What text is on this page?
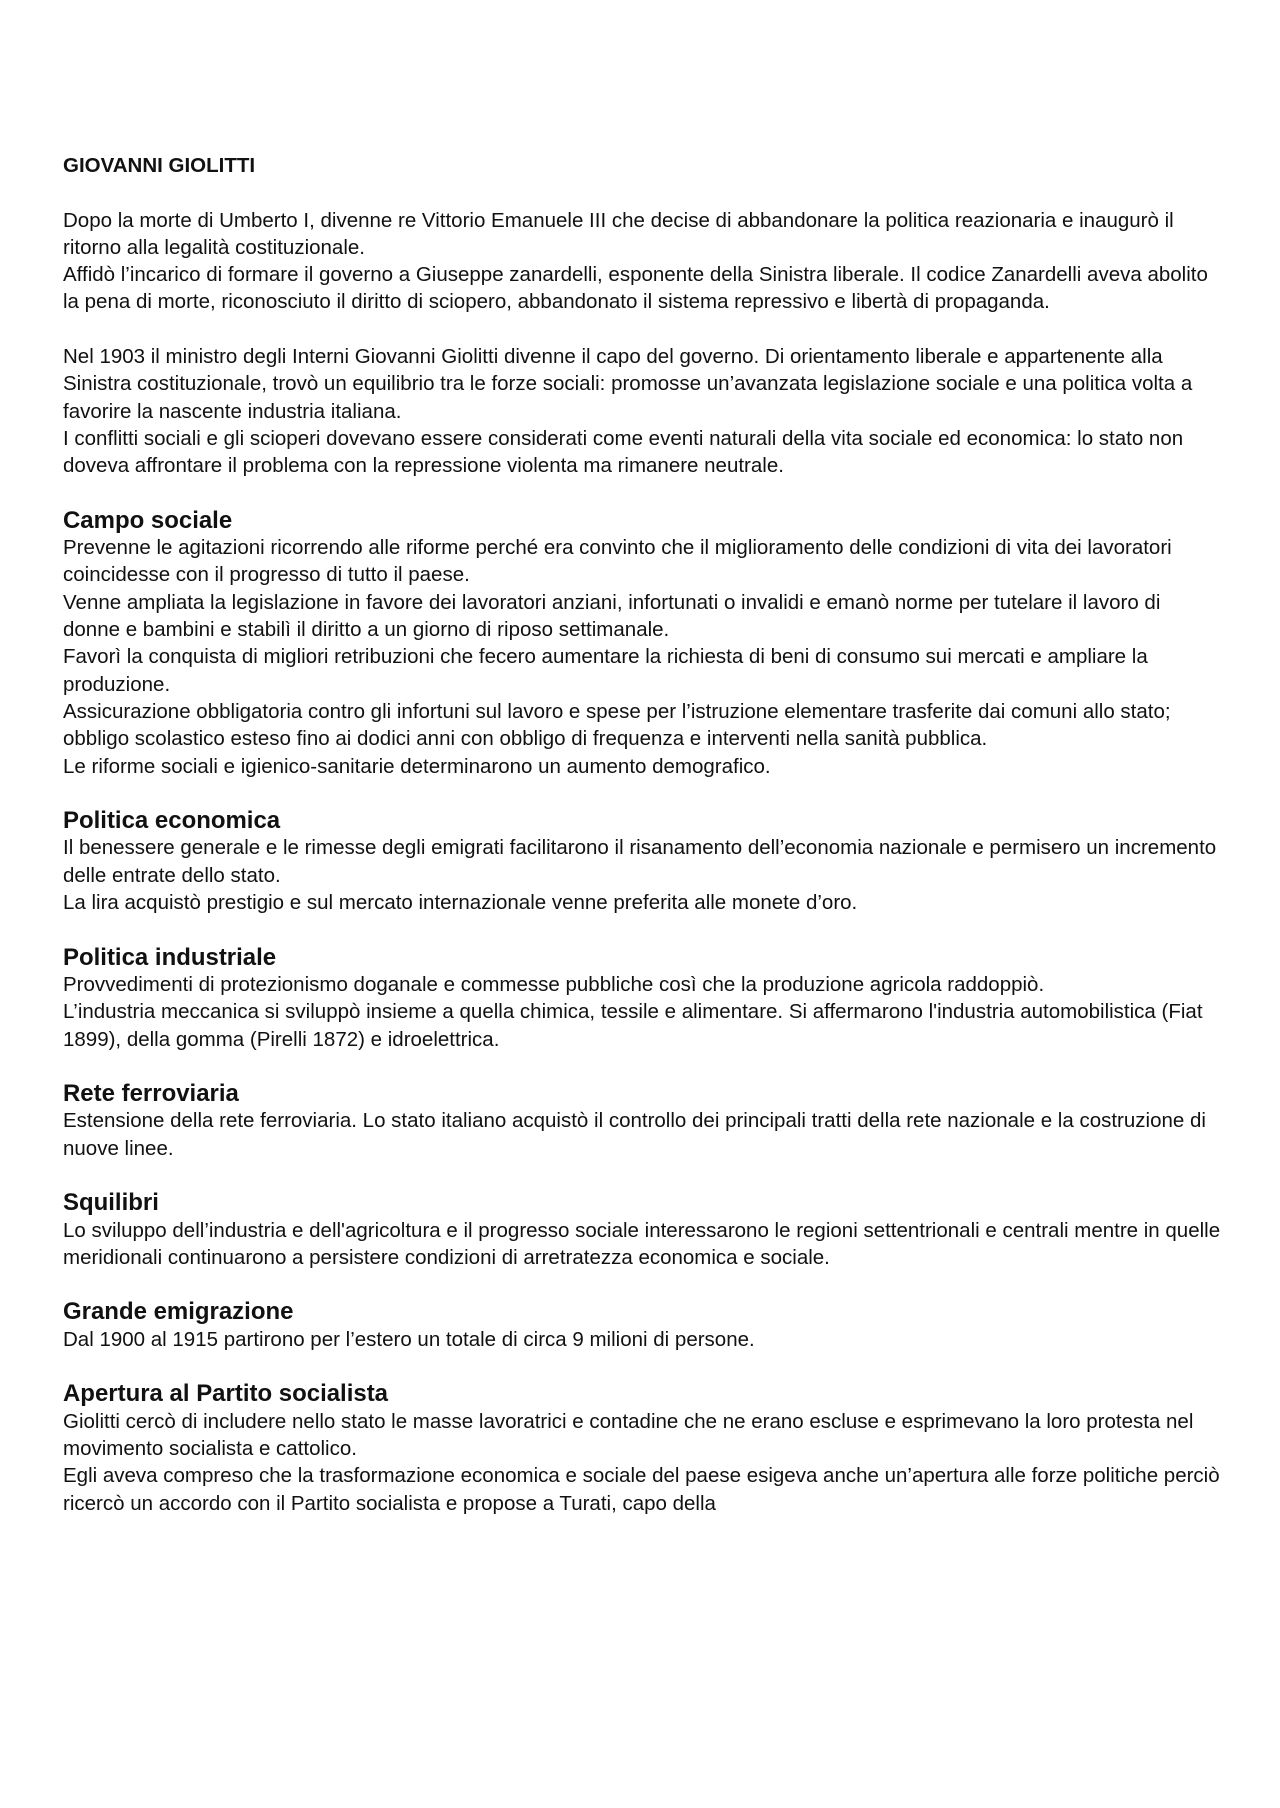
GIOVANNI GIOLITTI

Dopo la morte di Umberto I, divenne re Vittorio Emanuele III che decise di abbandonare la politica reazionaria e inaugurò il ritorno alla legalità costituzionale.

Affidò l’incarico di formare il governo a Giuseppe zanardelli, esponente della Sinistra liberale. Il codice Zanardelli aveva abolito la pena di morte, riconosciuto il diritto di sciopero, abbandonato il sistema repressivo e libertà di propaganda.

Nel 1903 il ministro degli Interni Giovanni Giolitti divenne il capo del governo. Di orientamento liberale e appartenente alla Sinistra costituzionale, trovò un equilibrio tra le forze sociali: promosse un’avanzata legislazione sociale e una politica volta a favorire la nascente industria italiana.

I conflitti sociali e gli scioperi dovevano essere considerati come eventi naturali della vita sociale ed economica: lo stato non doveva affrontare il problema con la repressione violenta ma rimanere neutrale.

Campo sociale

Prevenne le agitazioni ricorrendo alle riforme perché era convinto che il miglioramento delle condizioni di vita dei lavoratori coincidesse con il progresso di tutto il paese.

Venne ampliata la legislazione in favore dei lavoratori anziani, infortunati o invalidi e emanò norme per tutelare il lavoro di donne e bambini e stabilì il diritto a un giorno di riposo settimanale.

Favorì la conquista di migliori retribuzioni che fecero aumentare la richiesta di beni di consumo sui mercati e ampliare la produzione.

Assicurazione obbligatoria contro gli infortuni sul lavoro e spese per l’istruzione elementare trasferite dai comuni allo stato; obbligo scolastico esteso fino ai dodici anni con obbligo di frequenza e interventi nella sanità pubblica.

Le riforme sociali e igienico-sanitarie determinarono un aumento demografico.

Politica economica

Il benessere generale e le rimesse degli emigrati facilitarono il risanamento dell’economia nazionale e permisero un incremento delle entrate dello stato.

La lira acquistò prestigio e sul mercato internazionale venne preferita alle monete d’oro.

Politica industriale

Provvedimenti di protezionismo doganale e commesse pubbliche così che la produzione agricola raddoppiò.

L’industria meccanica si sviluppò insieme a quella chimica, tessile e alimentare. Si affermarono l'industria automobilistica (Fiat 1899), della gomma (Pirelli 1872) e idroelettrica.

Rete ferroviaria

Estensione della rete ferroviaria. Lo stato italiano acquistò il controllo dei principali tratti della rete nazionale e la costruzione di nuove linee.

Squilibri

Lo sviluppo dell’industria e dell'agricoltura e il progresso sociale interessarono le regioni settentrionali e centrali mentre in quelle meridionali continuarono a persistere condizioni di arretratezza economica e sociale.

Grande emigrazione

Dal 1900 al 1915 partirono per l’estero un totale di circa 9 milioni di persone.

Apertura al Partito socialista

Giolitti cercò di includere nello stato le masse lavoratrici e contadine che ne erano escluse e esprimevano la loro protesta nel movimento socialista e cattolico.

Egli aveva compreso che la trasformazione economica e sociale del paese esigeva anche un’apertura alle forze politiche perciò ricercò un accordo con il Partito socialista e propose a Turati, capo della
